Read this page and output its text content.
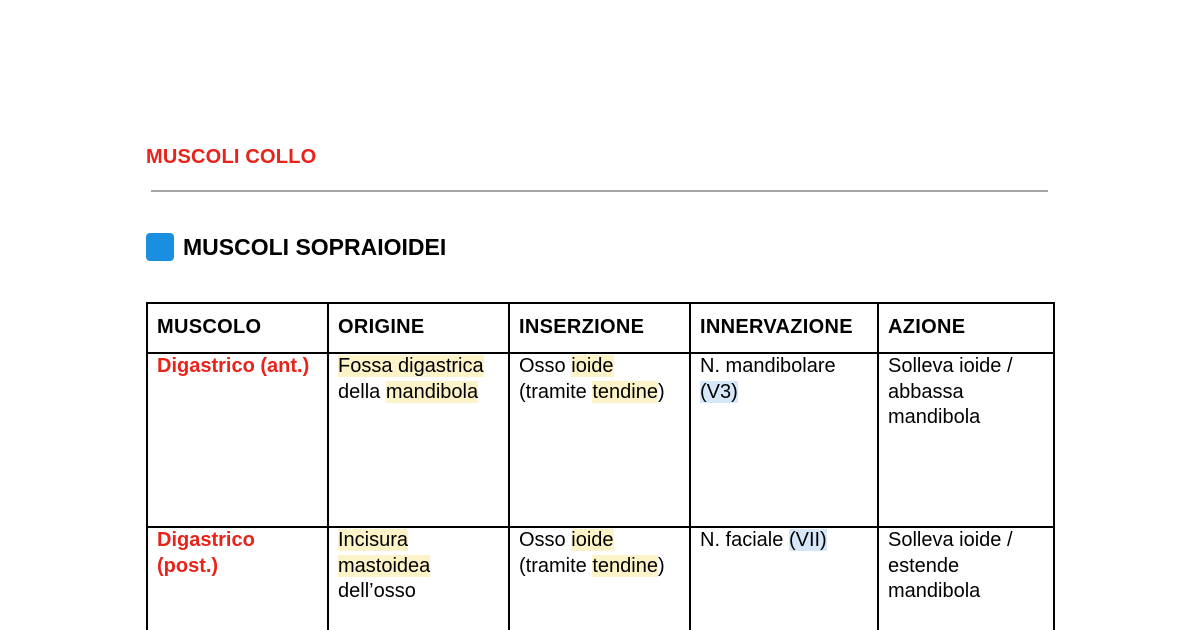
MUSCOLI COLLO
MUSCOLI SOPRAIOIDEI
MUSCOLO	ORIGINE	INSERZIONE	INNERVAZIONE	AZIONE
Digastrico (ant.)	Fossa digastrica della mandibola	Osso ioide (tramite tendine)	N. mandibolare (V3)	Solleva ioide / abbassa mandibola
Digastrico (post.)	Incisura mastoidea dell’osso	Osso ioide (tramite tendine)	N. faciale (VII)	Solleva ioide / estende mandibola
